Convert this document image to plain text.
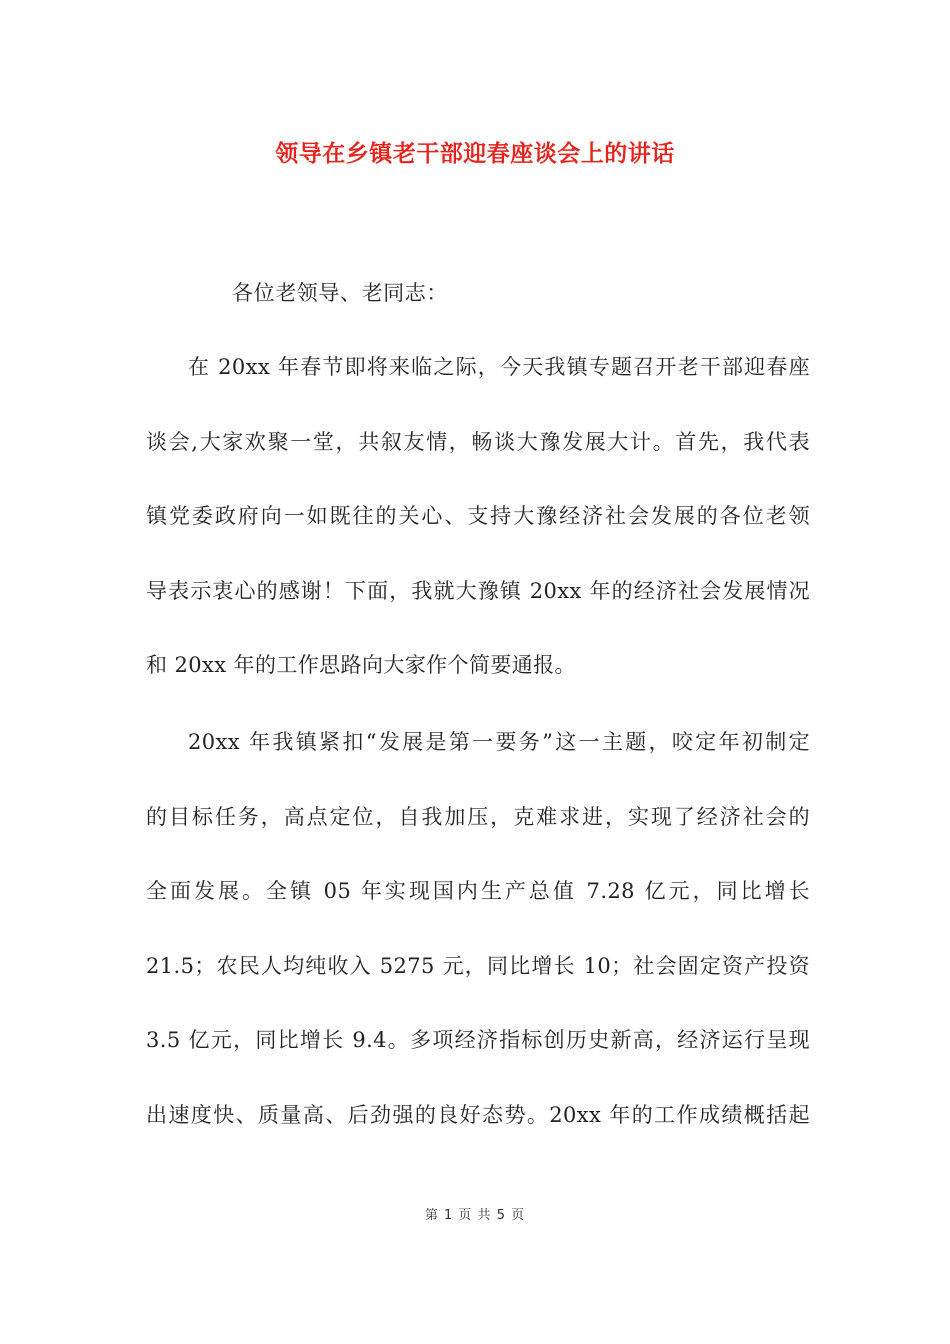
领导在乡镇老干部迎春座谈会上的讲话
各位老领导、老同志：
在 20xx 年春节即将来临之际，今天我镇专题召开老干部迎春座
谈会,大家欢聚一堂，共叙友情，畅谈大豫发展大计。首先，我代表
镇党委政府向一如既往的关心、支持大豫经济社会发展的各位老领
导表示衷心的感谢！下面，我就大豫镇 20xx 年的经济社会发展情况
和 20xx 年的工作思路向大家作个简要通报。
20xx 年我镇紧扣“发展是第一要务”这一主题，咬定年初制定
的目标任务，高点定位，自我加压，克难求进，实现了经济社会的
全面发展。全镇 05 年实现国内生产总值 7.28 亿元，同比增长
21.5；农民人均纯收入 5275 元，同比增长 10；社会固定资产投资
3.5 亿元，同比增长 9.4。多项经济指标创历史新高，经济运行呈现
出速度快、质量高、后劲强的良好态势。20xx 年的工作成绩概括起
第 1 页 共 5 页
